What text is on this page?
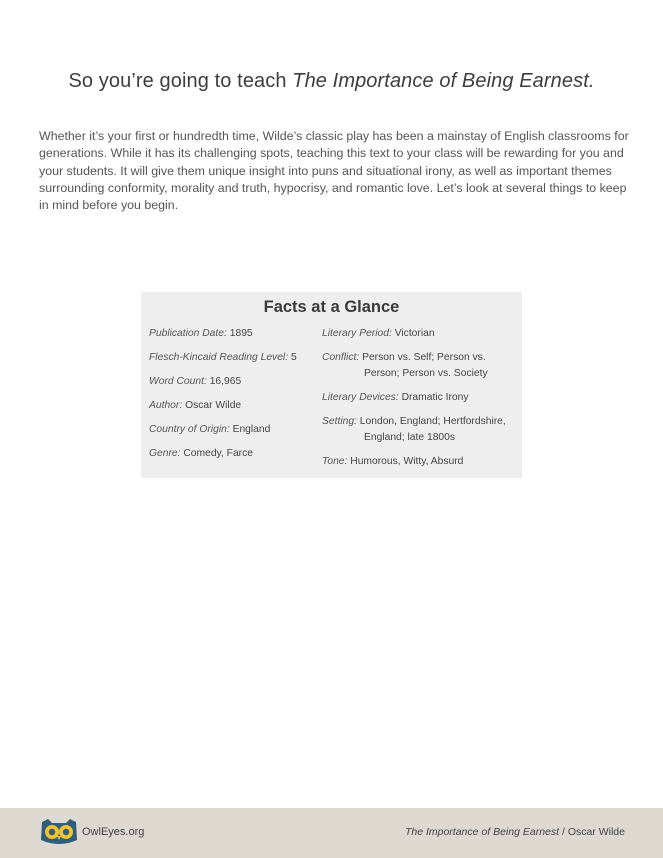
So you’re going to teach The Importance of Being Earnest.

Whether it’s your first or hundredth time, Wilde’s classic play has been a mainstay of English classrooms for generations. While it has its challenging spots, teaching this text to your class will be rewarding for you and your students. It will give them unique insight into puns and situational irony, as well as important themes surrounding conformity, morality and truth, hypocrisy, and romantic love. Let’s look at several things to keep in mind before you begin.

Facts at a Glance

Publication Date: 1895

Flesch-Kincaid Reading Level: 5

Word Count: 16,965

Author: Oscar Wilde

Country of Origin: England

Genre: Comedy, Farce

Literary Period: Victorian

Conflict: Person vs. Self; Person vs. Person; Person vs. Society

Literary Devices: Dramatic Irony

Setting: London, England; Hertfordshire, England; late 1800s

Tone: Humorous, Witty, Absurd

OwlEyes.org	The Importance of Being Earnest / Oscar Wilde
